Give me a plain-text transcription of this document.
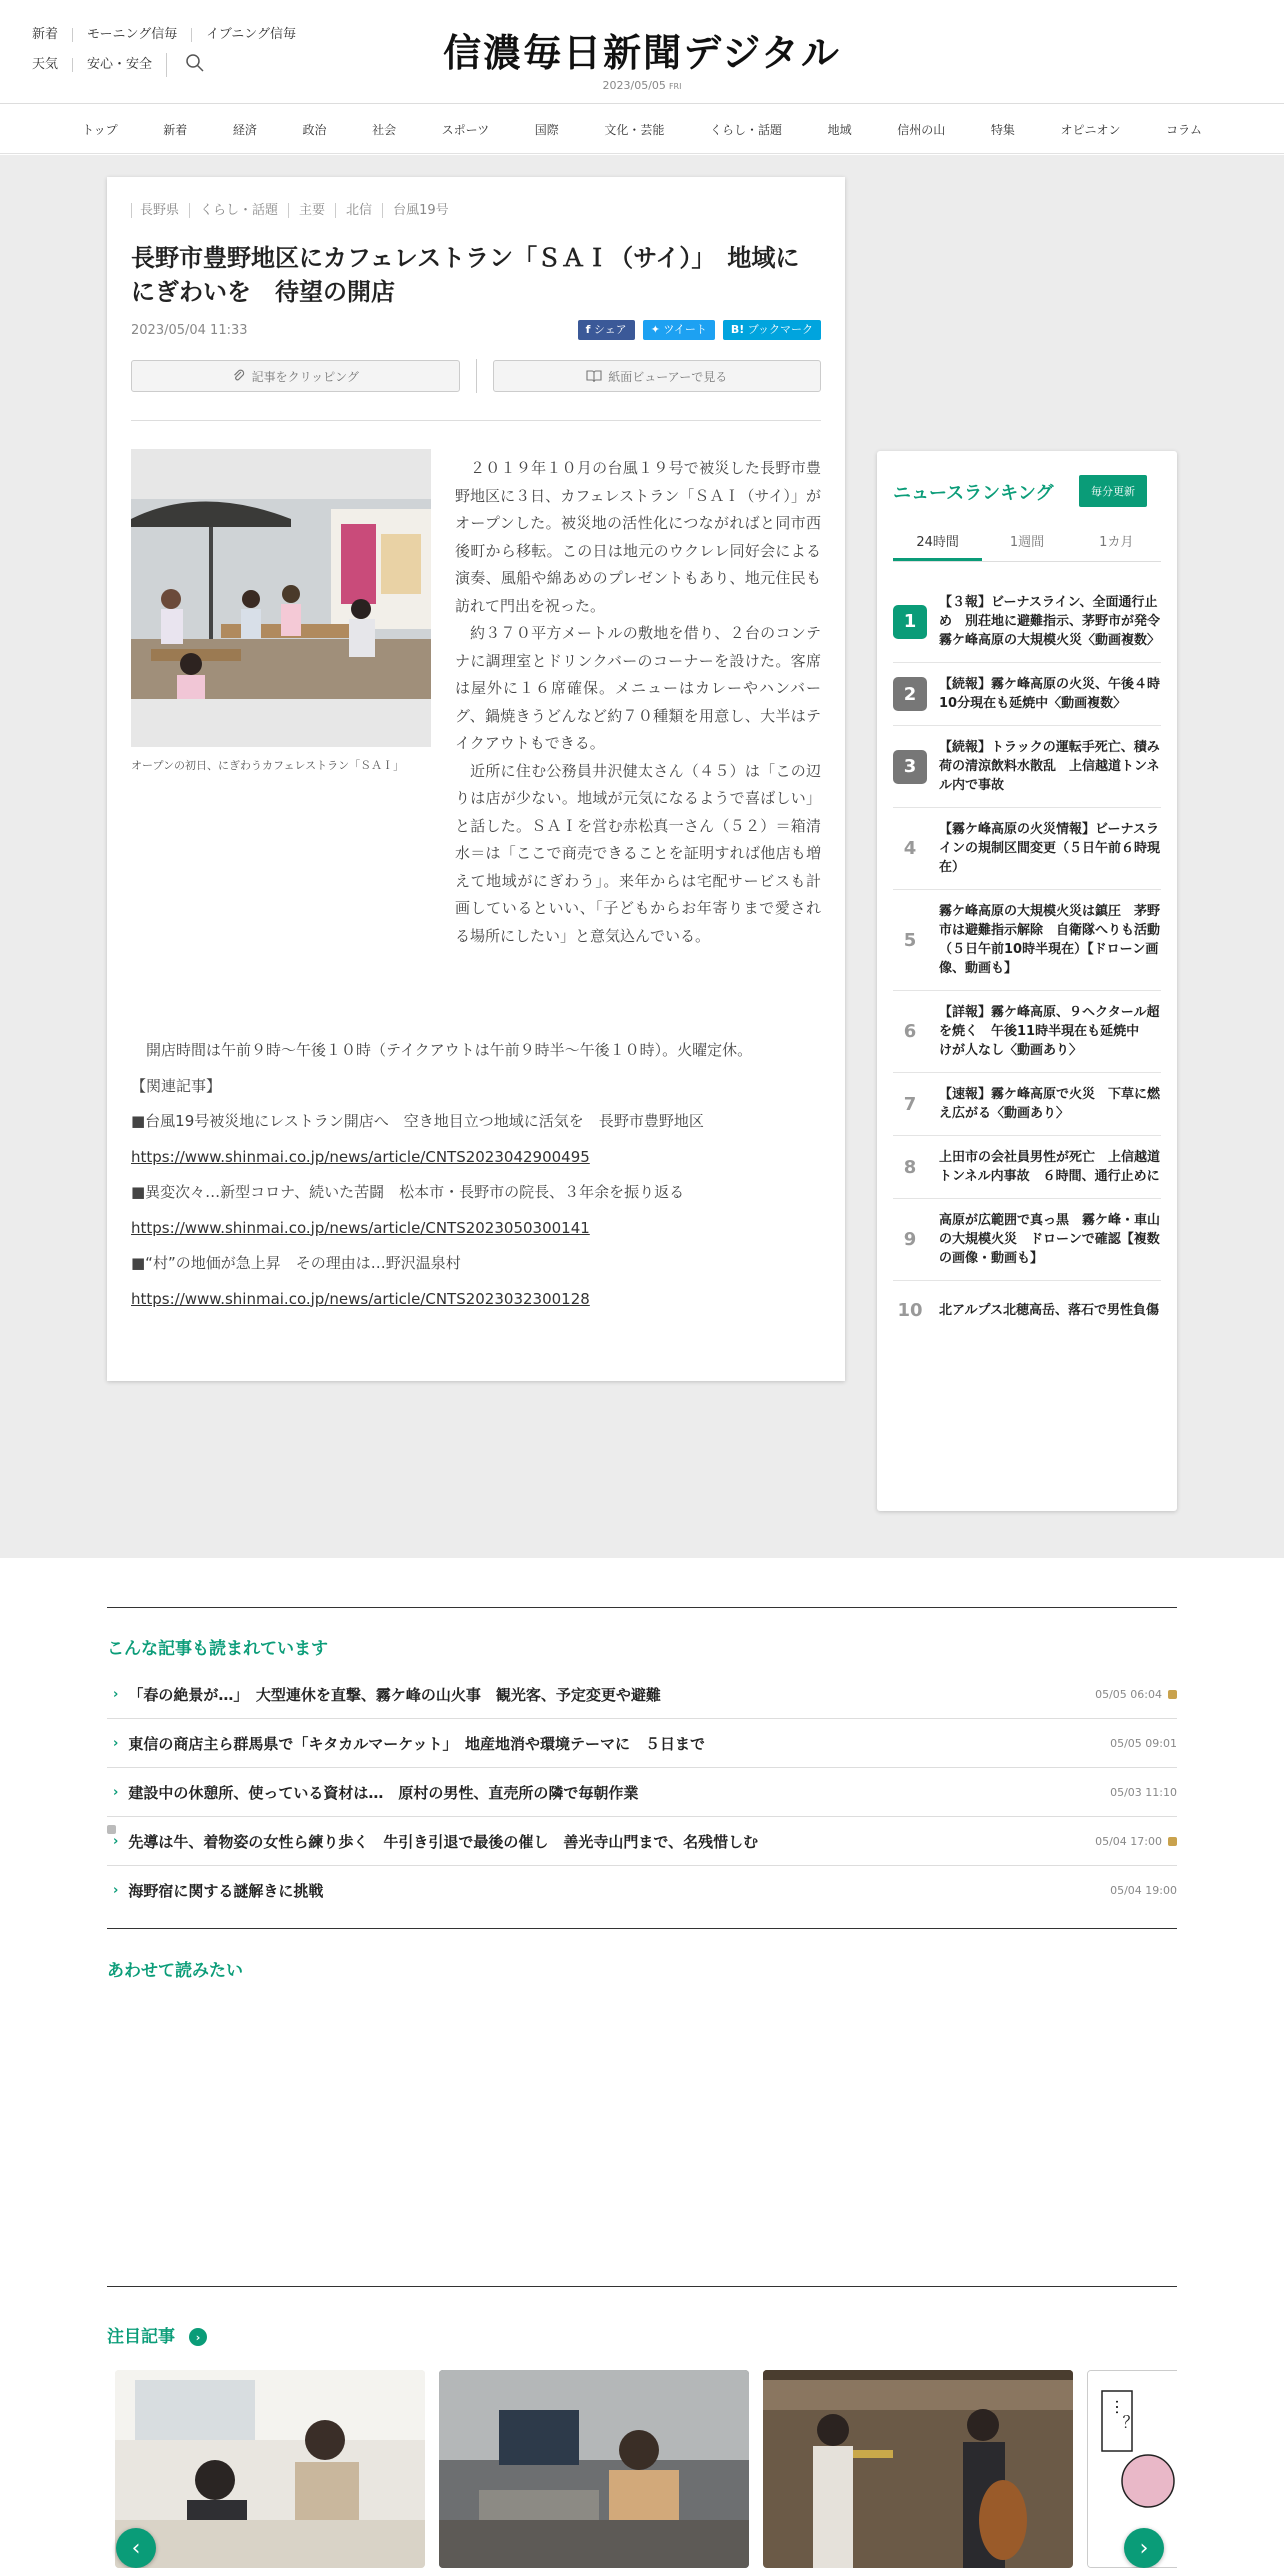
新着	モーニング信毎	イブニング信毎
天気	安心・安全	信濃毎日新聞デジタル
2023/05/05 FRI
トップ	新着	経済	政治	社会	スポーツ	国際	文化・芸能	くらし・話題	地域	信州の山	特集	オピニオン	コラム
長野県	くらし・話題	主要	北信	台風19号
長野市豊野地区にカフェレストラン「ＳＡＩ（サイ）」　地域ににぎわいを　待望の開店
2023/05/04 11:33	f シェア	✦ ツイート	B! ブックマーク
記事をクリッピング	紙面ビューアーで見る
オープンの初日、にぎわうカフェレストラン「ＳＡＩ」

２０１９年１０月の台風１９号で被災した長野市豊野地区に３日、カフェレストラン「ＳＡＩ（サイ）」がオープンした。被災地の活性化につながればと同市西後町から移転。この日は地元のウクレレ同好会による演奏、風船や綿あめのプレゼントもあり、地元住民も訪れて門出を祝った。

約３７０平方メートルの敷地を借り、２台のコンテナに調理室とドリンクバーのコーナーを設けた。客席は屋外に１６席確保。メニューはカレーやハンバーグ、鍋焼きうどんなど約７０種類を用意し、大半はテイクアウトもできる。

近所に住む公務員井沢健太さん（４５）は「この辺りは店が少ない。地域が元気になるようで喜ばしい」と話した。ＳＡＩを営む赤松真一さん（５２）＝箱清水＝は「ここで商売できることを証明すれば他店も増えて地域がにぎわう」。来年からは宅配サービスも計画しているといい、「子どもからお年寄りまで愛される場所にしたい」と意気込んでいる。

開店時間は午前９時～午後１０時（テイクアウトは午前９時半～午後１０時）。火曜定休。

【関連記事】

■台風19号被災地にレストラン開店へ　空き地目立つ地域に活気を　長野市豊野地区

https://www.shinmai.co.jp/news/article/CNTS2023042900495

■異変次々…新型コロナ、続いた苦闘　松本市・長野市の院長、３年余を振り返る

https://www.shinmai.co.jp/news/article/CNTS2023050300141

■“村”の地価が急上昇　その理由は…野沢温泉村

https://www.shinmai.co.jp/news/article/CNTS2023032300128

ニュースランキング	毎分更新
24時間	1週間	1カ月
1
【３報】ビーナスライン、全面通行止め　別荘地に避難指示、茅野市が発令　霧ケ峰高原の大規模火災〈動画複数〉
2	【続報】霧ケ峰高原の火災、午後４時10分現在も延焼中〈動画複数〉
3
【続報】トラックの運転手死亡、積み荷の清涼飲料水散乱　上信越道トンネル内で事故
4
【霧ケ峰高原の火災情報】ビーナスラインの規制区間変更（５日午前６時現在）
5
霧ケ峰高原の大規模火災は鎮圧　茅野市は避難指示解除　自衛隊へりも活動（５日午前10時半現在）【ドローン画像、動画も】
6
【詳報】霧ケ峰高原、９ヘクタール超を焼く　午後11時半現在も延焼中　けが人なし〈動画あり〉
7	【速報】霧ケ峰高原で火災　下草に燃え広がる〈動画あり〉
8	上田市の会社員男性が死亡　上信越道トンネル内事故　６時間、通行止めに
9
高原が広範囲で真っ黒　霧ケ峰・車山の大規模火災　ドローンで確認【複数の画像・動画も】
10	北アルプス北穂高岳、落石で男性負傷
こんな記事も読まれています
› 「春の絶景が…」　大型連休を直撃、霧ケ峰の山火事　観光客、予定変更や避難	05/05 06:04
› 東信の商店主ら群馬県で「キタカルマーケット」　地産地消や環境テーマに　５日まで	05/05 09:01
› 建設中の休憩所、使っている資材は…　原村の男性、直売所の隣で毎朝作業	05/03 11:10
› 先導は牛、着物姿の女性ら練り歩く　牛引き引退で最後の催し　善光寺山門まで、名残惜しむ	05/04 17:00
› 海野宿に関する謎解きに挑戦	05/04 19:00
あわせて読みたい
注目記事 ›
…？
‹	›
